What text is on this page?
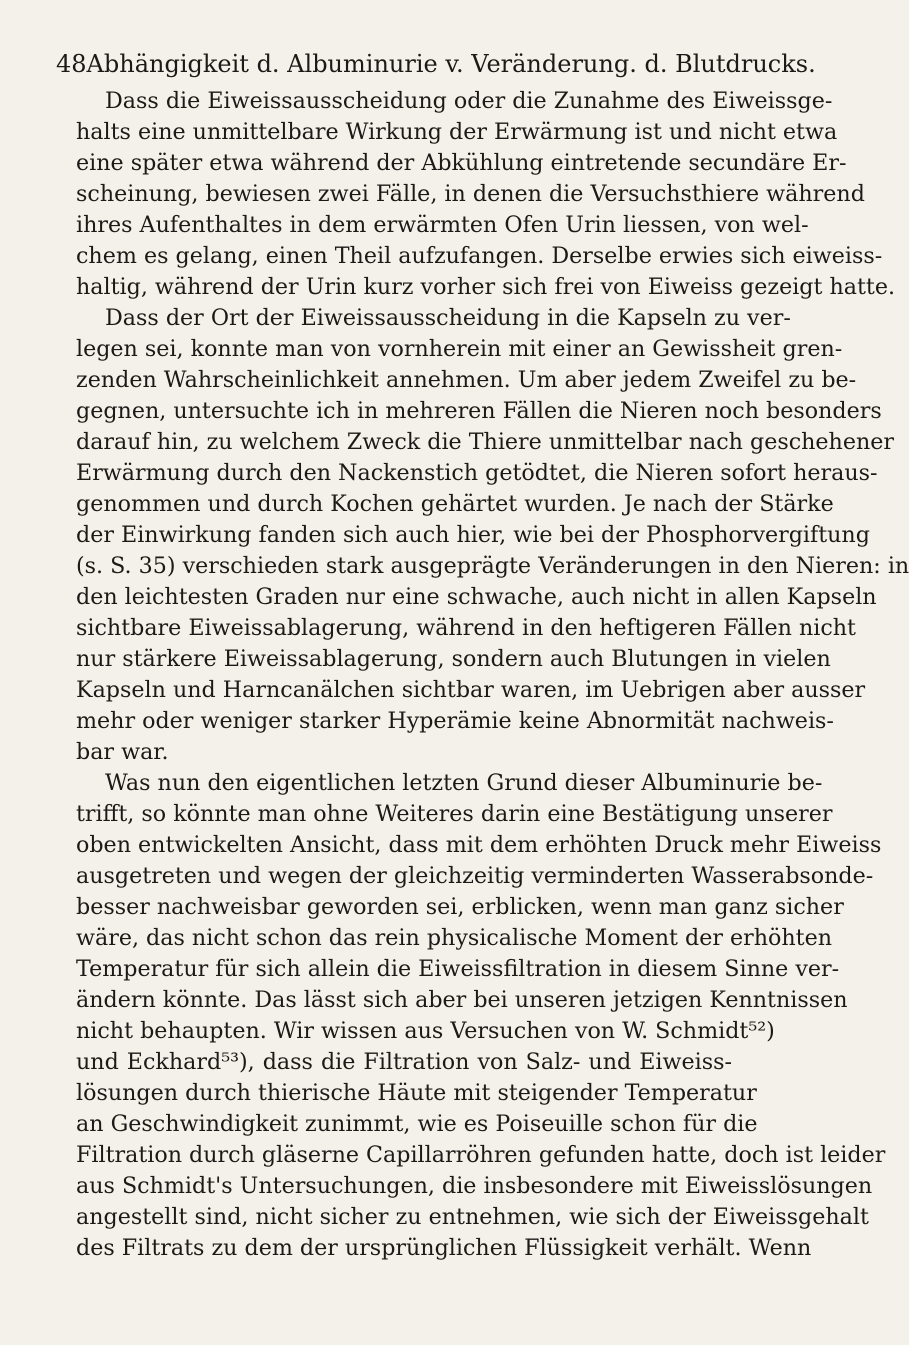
48 Abhängigkeit d. Albuminurie v. Veränderung. d. Blutdrucks.
Dass die Eiweissausscheidung oder die Zunahme des Eiweissge-
halts eine unmittelbare Wirkung der Erwärmung ist und nicht etwa
eine später etwa während der Abkühlung eintretende secundäre Er-
scheinung, bewiesen zwei Fälle, in denen die Versuchsthiere während
ihres Aufenthaltes in dem erwärmten Ofen Urin liessen, von wel-
chem es gelang, einen Theil aufzufangen. Derselbe erwies sich eiweiss-
haltig, während der Urin kurz vorher sich frei von Eiweiss gezeigt hatte.
Dass der Ort der Eiweissausscheidung in die Kapseln zu ver-
legen sei, konnte man von vornherein mit einer an Gewissheit gren-
zenden Wahrscheinlichkeit annehmen. Um aber jedem Zweifel zu be-
gegnen, untersuchte ich in mehreren Fällen die Nieren noch besonders
darauf hin, zu welchem Zweck die Thiere unmittelbar nach geschehener
Erwärmung durch den Nackenstich getödtet, die Nieren sofort heraus-
genommen und durch Kochen gehärtet wurden. Je nach der Stärke
der Einwirkung fanden sich auch hier, wie bei der Phosphorvergiftung
(s. S. 35) verschieden stark ausgeprägte Veränderungen in den Nieren: in
den leichtesten Graden nur eine schwache, auch nicht in allen Kapseln
sichtbare Eiweissablagerung, während in den heftigeren Fällen nicht
nur stärkere Eiweissablagerung, sondern auch Blutungen in vielen
Kapseln und Harncanälchen sichtbar waren, im Uebrigen aber ausser
mehr oder weniger starker Hyperämie keine Abnormität nachweis-
bar war.
Was nun den eigentlichen letzten Grund dieser Albuminurie be-
trifft, so könnte man ohne Weiteres darin eine Bestätigung unserer
oben entwickelten Ansicht, dass mit dem erhöhten Druck mehr Eiweiss
ausgetreten und wegen der gleichzeitig verminderten Wasserabsonde-
besser nachweisbar geworden sei, erblicken, wenn man ganz sicher
wäre, das nicht schon das rein physicalische Moment der erhöhten
Temperatur für sich allein die Eiweissfiltration in diesem Sinne ver-
ändern könnte. Das lässt sich aber bei unseren jetzigen Kenntnissen
nicht behaupten. Wir wissen aus Versuchen von W. Schmidt⁵²)
und Eckhard⁵³), dass die Filtration von Salz- und Eiweiss-
lösungen durch thierische Häute mit steigender Temperatur
an Geschwindigkeit zunimmt, wie es Poiseuille schon für die
Filtration durch gläserne Capillarröhren gefunden hatte, doch ist leider
aus Schmidt's Untersuchungen, die insbesondere mit Eiweisslösungen
angestellt sind, nicht sicher zu entnehmen, wie sich der Eiweissgehalt
des Filtrats zu dem der ursprünglichen Flüssigkeit verhält. Wenn
